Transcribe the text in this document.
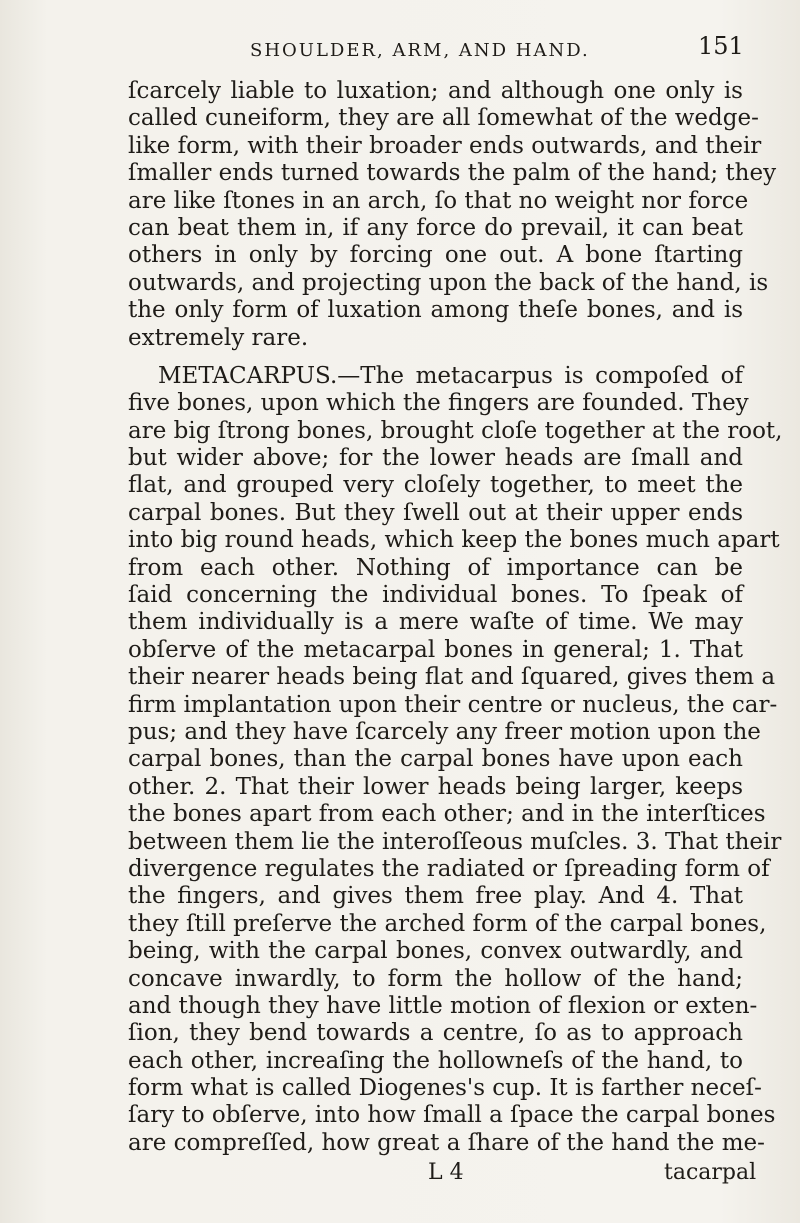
SHOULDER, ARM, AND HAND.	151
ſcarcely liable to luxation; and although one only is
called cuneiform, they are all ſomewhat of the wedge-
like form, with their broader ends outwards, and their
ſmaller ends turned towards the palm of the hand; they
are like ſtones in an arch, ſo that no weight nor force
can beat them in, if any force do prevail, it can beat
others in only by forcing one out. A bone ſtarting
outwards, and projecting upon the back of the hand, is
the only form of luxation among theſe bones, and is
extremely rare.
METACARPUS.—The metacarpus is compoſed of
five bones, upon which the fingers are founded. They
are big ſtrong bones, brought cloſe together at the root,
but wider above; for the lower heads are ſmall and
flat, and grouped very cloſely together, to meet the
carpal bones. But they ſwell out at their upper ends
into big round heads, which keep the bones much apart
from each other. Nothing of importance can be
ſaid concerning the individual bones. To ſpeak of
them individually is a mere waſte of time. We may
obſerve of the metacarpal bones in general; 1. That
their nearer heads being flat and ſquared, gives them a
firm implantation upon their centre or nucleus, the car-
pus; and they have ſcarcely any freer motion upon the
carpal bones, than the carpal bones have upon each
other. 2. That their lower heads being larger, keeps
the bones apart from each other; and in the interſtices
between them lie the interoſſeous muſcles. 3. That their
divergence regulates the radiated or ſpreading form of
the fingers, and gives them free play. And 4. That
they ſtill preſerve the arched form of the carpal bones,
being, with the carpal bones, convex outwardly, and
concave inwardly, to form the hollow of the hand;
and though they have little motion of flexion or exten-
ſion, they bend towards a centre, ſo as to approach
each other, increaſing the hollowneſs of the hand, to
form what is called Diogenes's cup. It is farther neceſ-
ſary to obſerve, into how ſmall a ſpace the carpal bones
are compreſſed, how great a ſhare of the hand the me-
L 4	tacarpal
